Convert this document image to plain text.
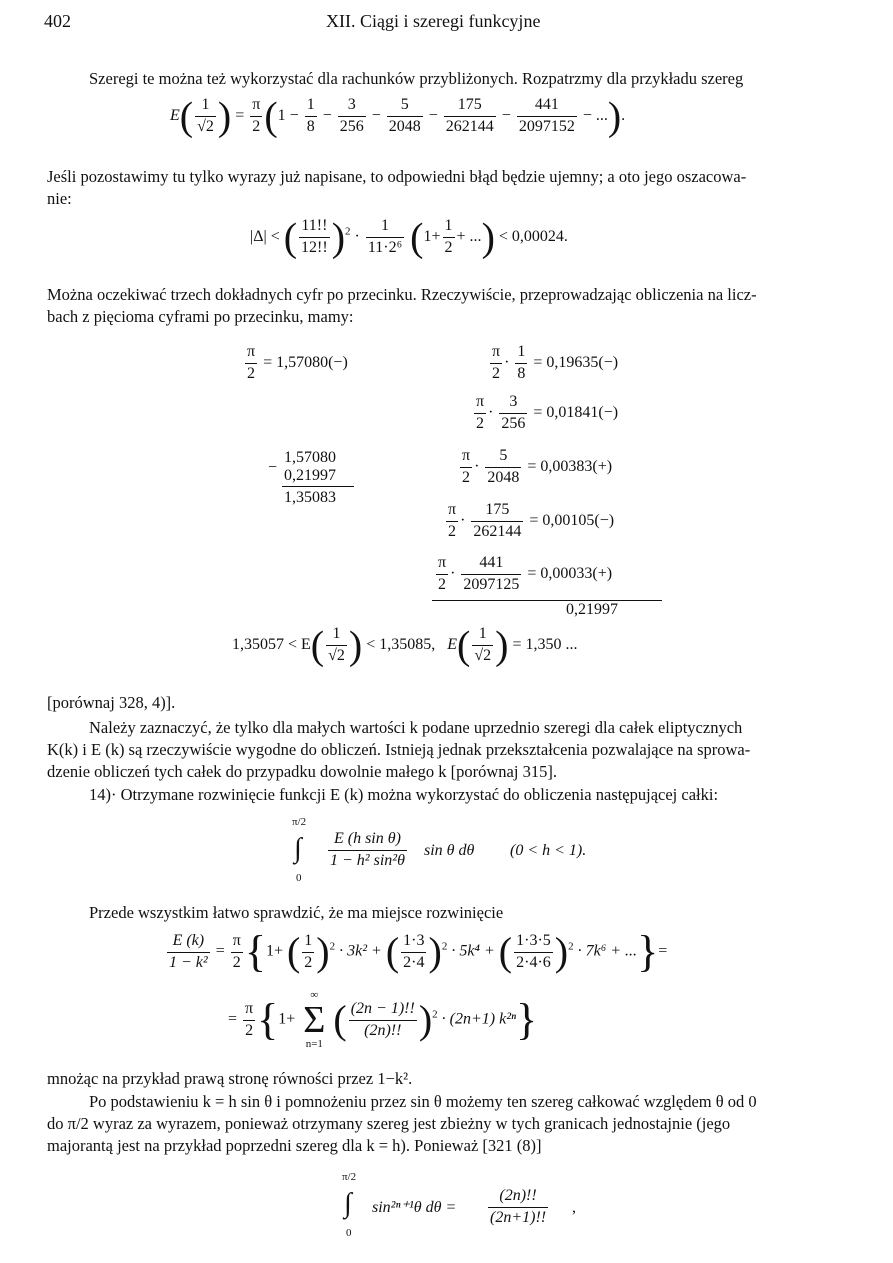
402	XII. Ciągi i szeregi funkcyjne
Szeregi te można też wykorzystać dla rachunków przybliżonych. Rozpatrzmy dla przykładu szereg
$E( \frac{1}{√2}$ ) = $\frac{\pi}{2} (1 - \frac{1}{8} - \frac{3}{256} - \frac{5}{2048} - \frac{175}{262144} - \frac{441}{2097152}$ − ...).
Jeśli pozostawimy tu tylko wyrazy już napisane, to odpowiedni błąd będzie ujemny; a oto jego oszacowa-
nie:
|Δ| < ( $\frac{11!!}{12!!} )^2 \cdot \frac{1}{\text{11·2⁶}} (1+ \frac{1}{2}$ + ...) < 0,00024.
Można oczekiwać trzech dokładnych cyfr po przecinku. Rzeczywiście, przeprowadzając obliczenia na licz-
bach z pięcioma cyframi po przecinku, mamy:
$\frac{\pi}{2} = 1,57080(-)$
1,57080
− 0,21997
1,35083
$\frac{\pi}{2} \cdot \frac{1}{8} = 0,19635(-)$
$\frac{\pi}{2} \cdot \frac{3}{256} = 0,01841(-)$
$\frac{\pi}{2} \cdot \frac{5}{2048} = 0,00383(+)$
$\frac{\pi}{2} \cdot \frac{175}{262144} = 0,00105(-)$
$\frac{\pi}{2} \cdot \frac{441}{2097125} = 0,00033(+)$
0,21997
$1,35057 < E( \frac{1}{√2}$ ) < 1,35085, $E( \frac{1}{√2}$ ) = 1,350 ...
[porównaj 328, 4)].
Należy zaznaczyć, że tylko dla małych wartości k podane uprzednio szeregi dla całek eliptycznych
K(k) i E (k) są rzeczywiście wygodne do obliczeń. Istnieją jednak przekształcenia pozwalające na sprowa-
dzenie obliczeń tych całek do przypadku dowolnie małego k [porównaj 315].
14)· Otrzymane rozwinięcie funkcji E (k) można wykorzystać do obliczenia następującej całki:
π/2
∫
0
$\frac{\text{E (h sin θ)}}{\text{1 − h² sin²θ}}$ sin θ dθ (0 < h < 1).
Przede wszystkim łatwo sprawdzić, że ma miejsce rozwinięcie
$\frac{E (k)}{\text{1 − k²}} = \frac{\pi}{2} \{1+$ ( $\frac{1}{2} )^2 \cdot 3k^2$ + ( $\frac{1\cdot 3}{2\cdot 4} )^2 \cdot 5k^4$ + ( $\frac{1\cdot 3\cdot 5}{2\cdot 4\cdot 6} )^2 \cdot 7k^6$ + ...}=
= $\frac{\pi}{2} \{1+$
∞
Σ
n=1
( $\frac{(2n - 1)!!}{(2n)!!} )^2 \cdot (2n+1)$ k²ⁿ}
mnożąc na przykład prawą stronę równości przez 1−k².
Po podstawieniu k = h sin θ i pomnożeniu przez sin θ możemy ten szereg całkować względem θ od 0
do π/2 wyraz za wyrazem, ponieważ otrzymany szereg jest zbieżny w tych granicach jednostajnie (jego
majorantą jest na przykład poprzedni szereg dla k = h). Ponieważ [321 (8)]
π/2
∫
0
sin²ⁿ⁺¹θ $d\theta = \frac{(2n)!!}{(2n+1)!!}$ ,
